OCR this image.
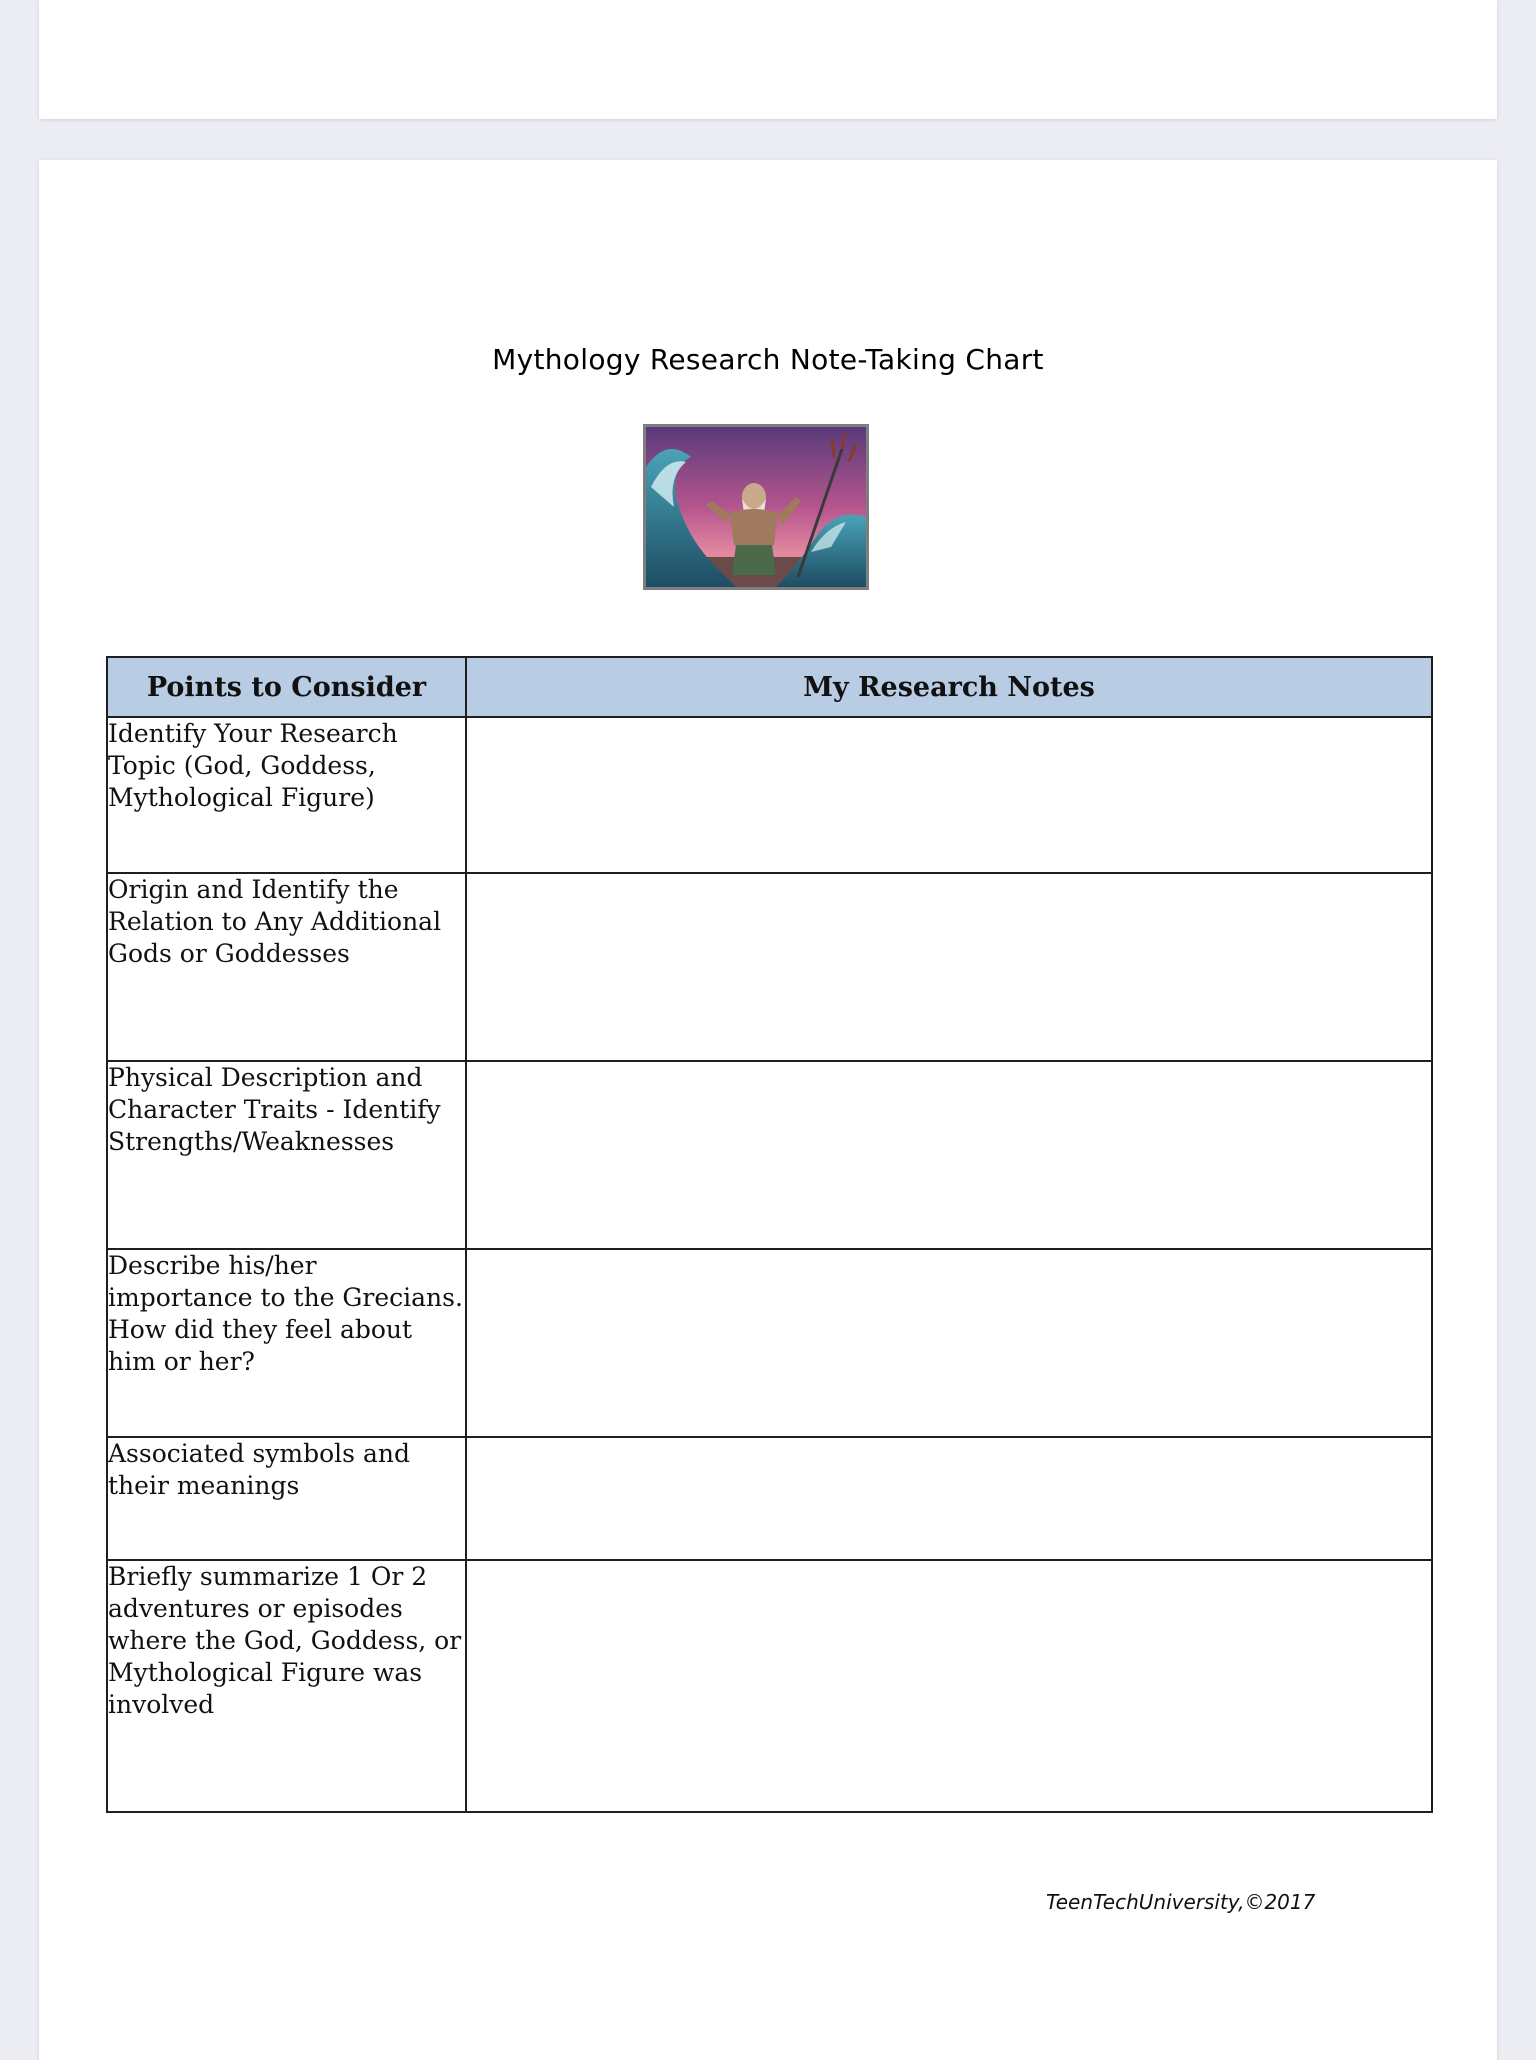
Mythology Research Note-Taking Chart
Points to Consider	My Research Notes
Identify Your Research Topic (God, Goddess, Mythological Figure)	
Origin and Identify the Relation to Any Additional Gods or Goddesses	
Physical Description and Character Traits - Identify Strengths/Weaknesses	
Describe his/her importance to the Grecians. How did they feel about him or her?	
Associated symbols and their meanings	
Briefly summarize 1 Or 2 adventures or episodes where the God, Goddess, or Mythological Figure was involved	
TeenTechUniversity,©2017
